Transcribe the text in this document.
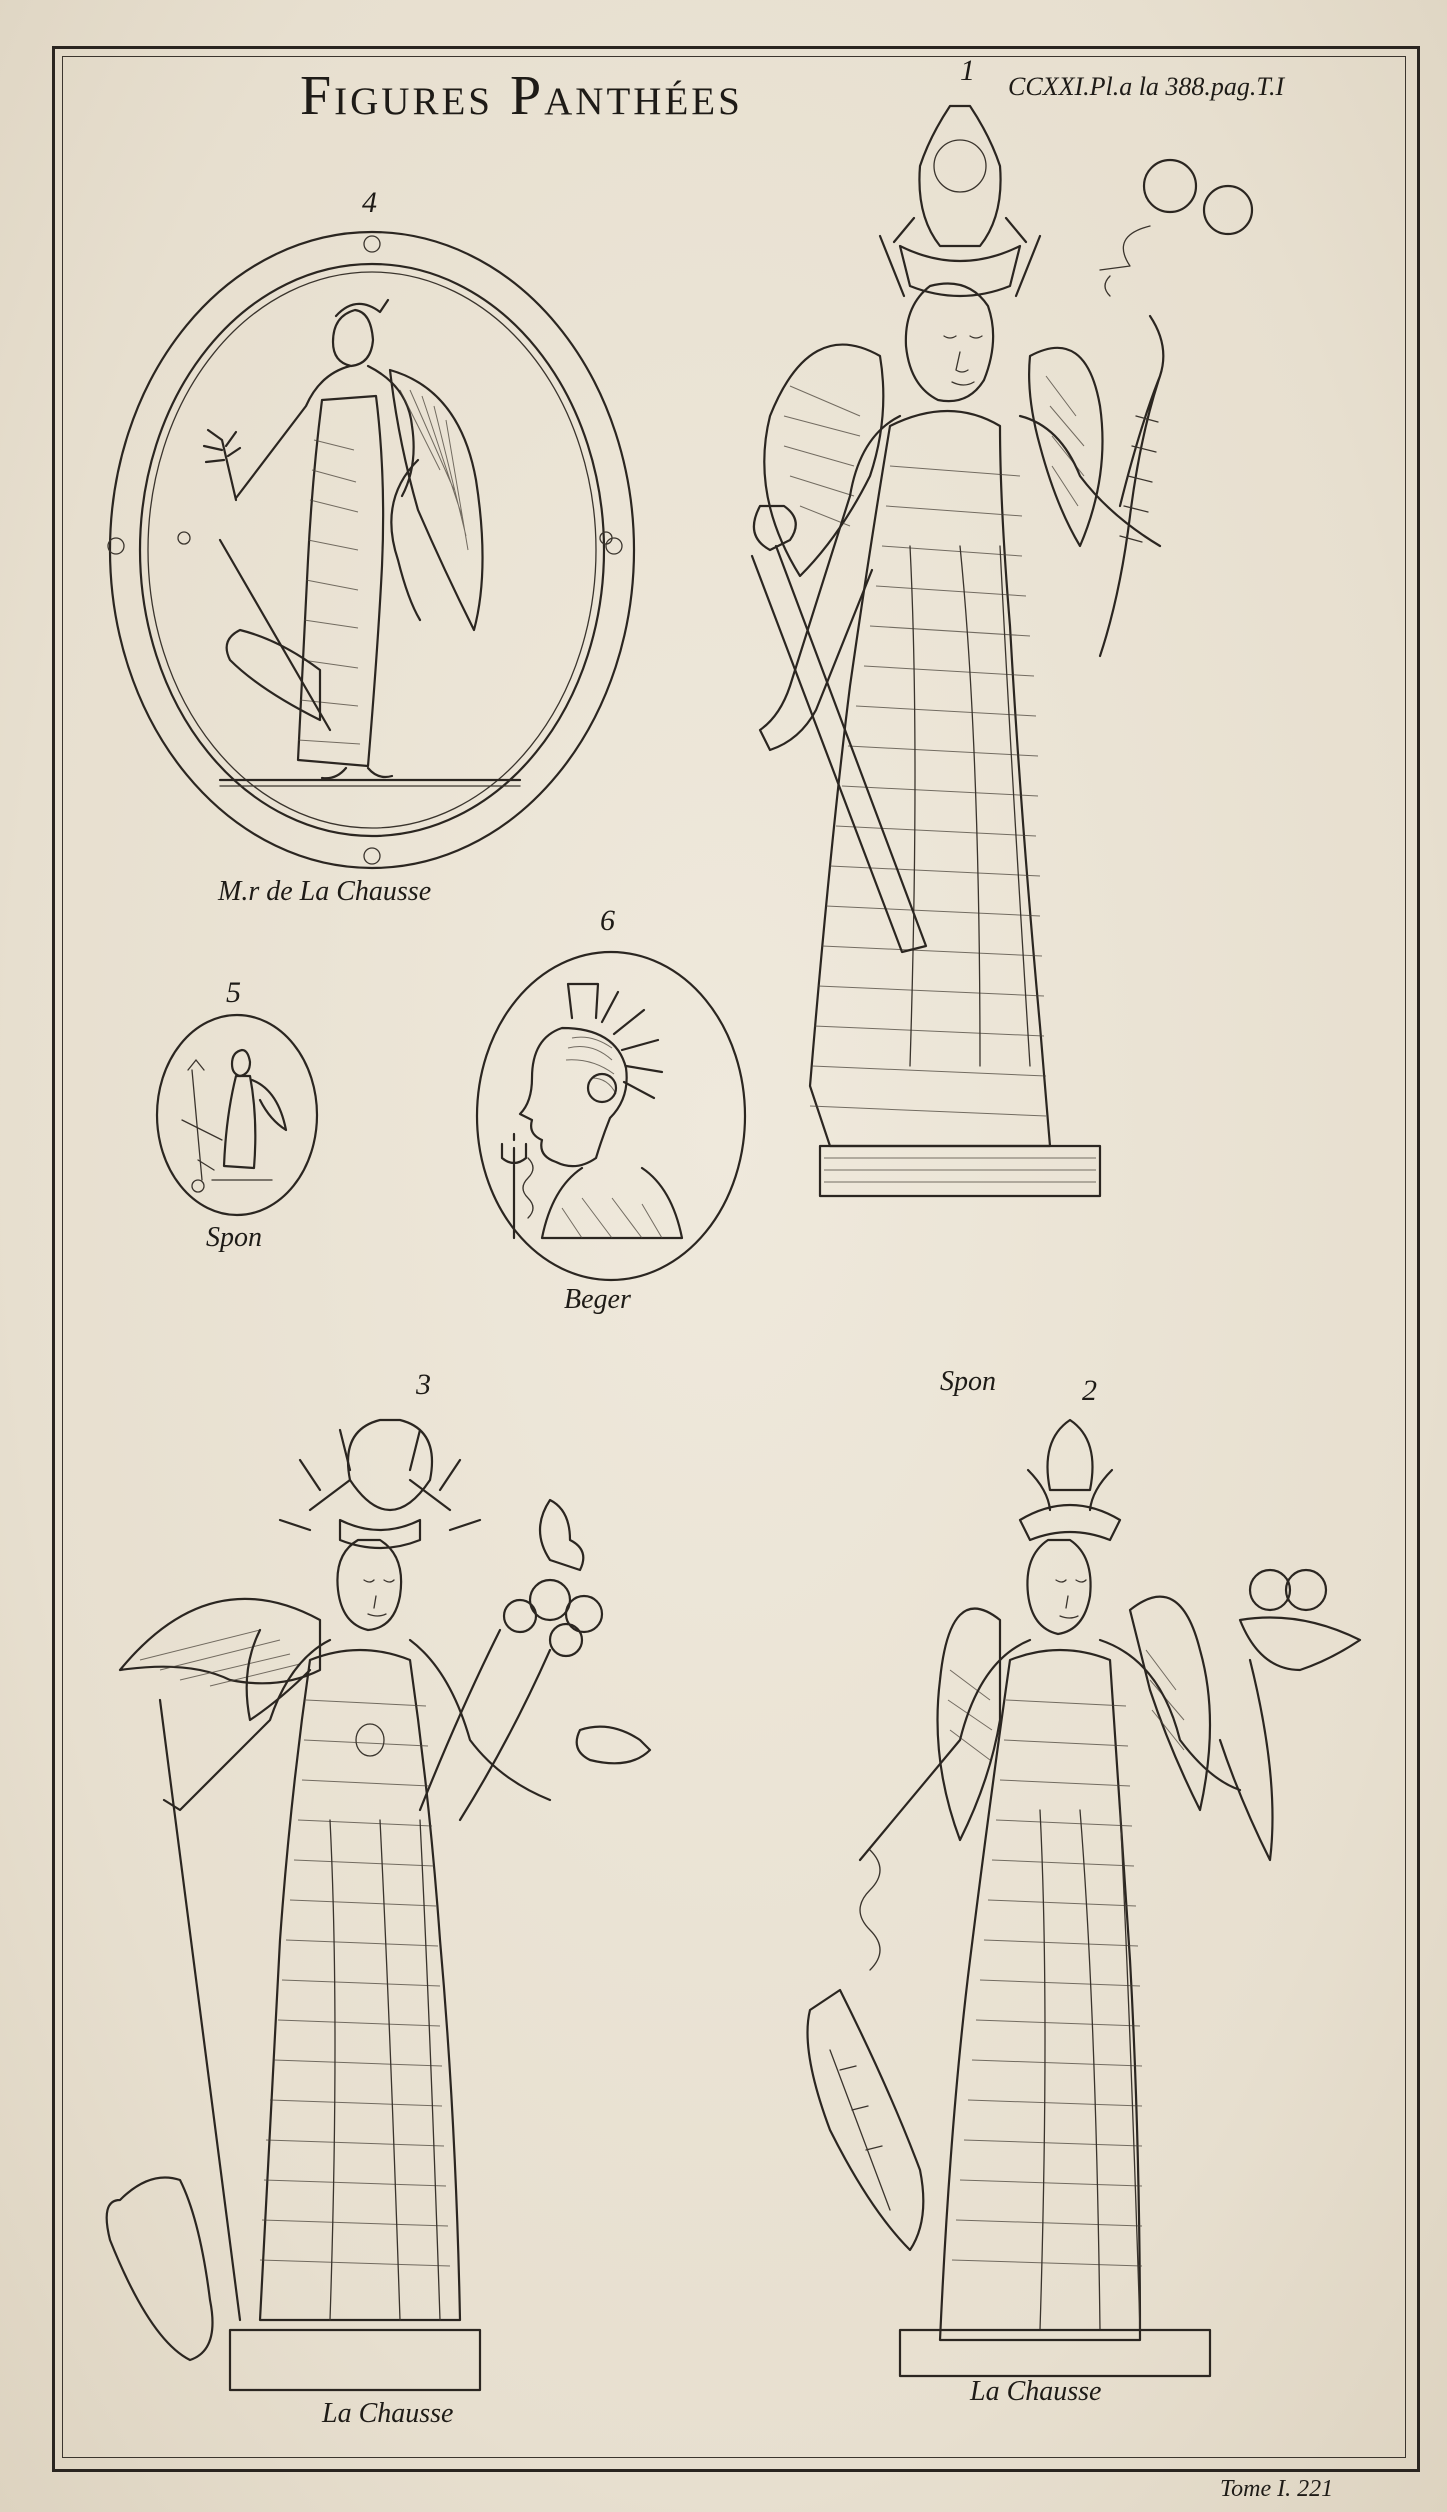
Figures Panthées	CCXXI.Pl.a la 388.pag.T.I
4
M.r de La Chausse
5
Spon
6
Beger
1
Spon
3
La Chausse
2
La Chausse
Tome I. 221
